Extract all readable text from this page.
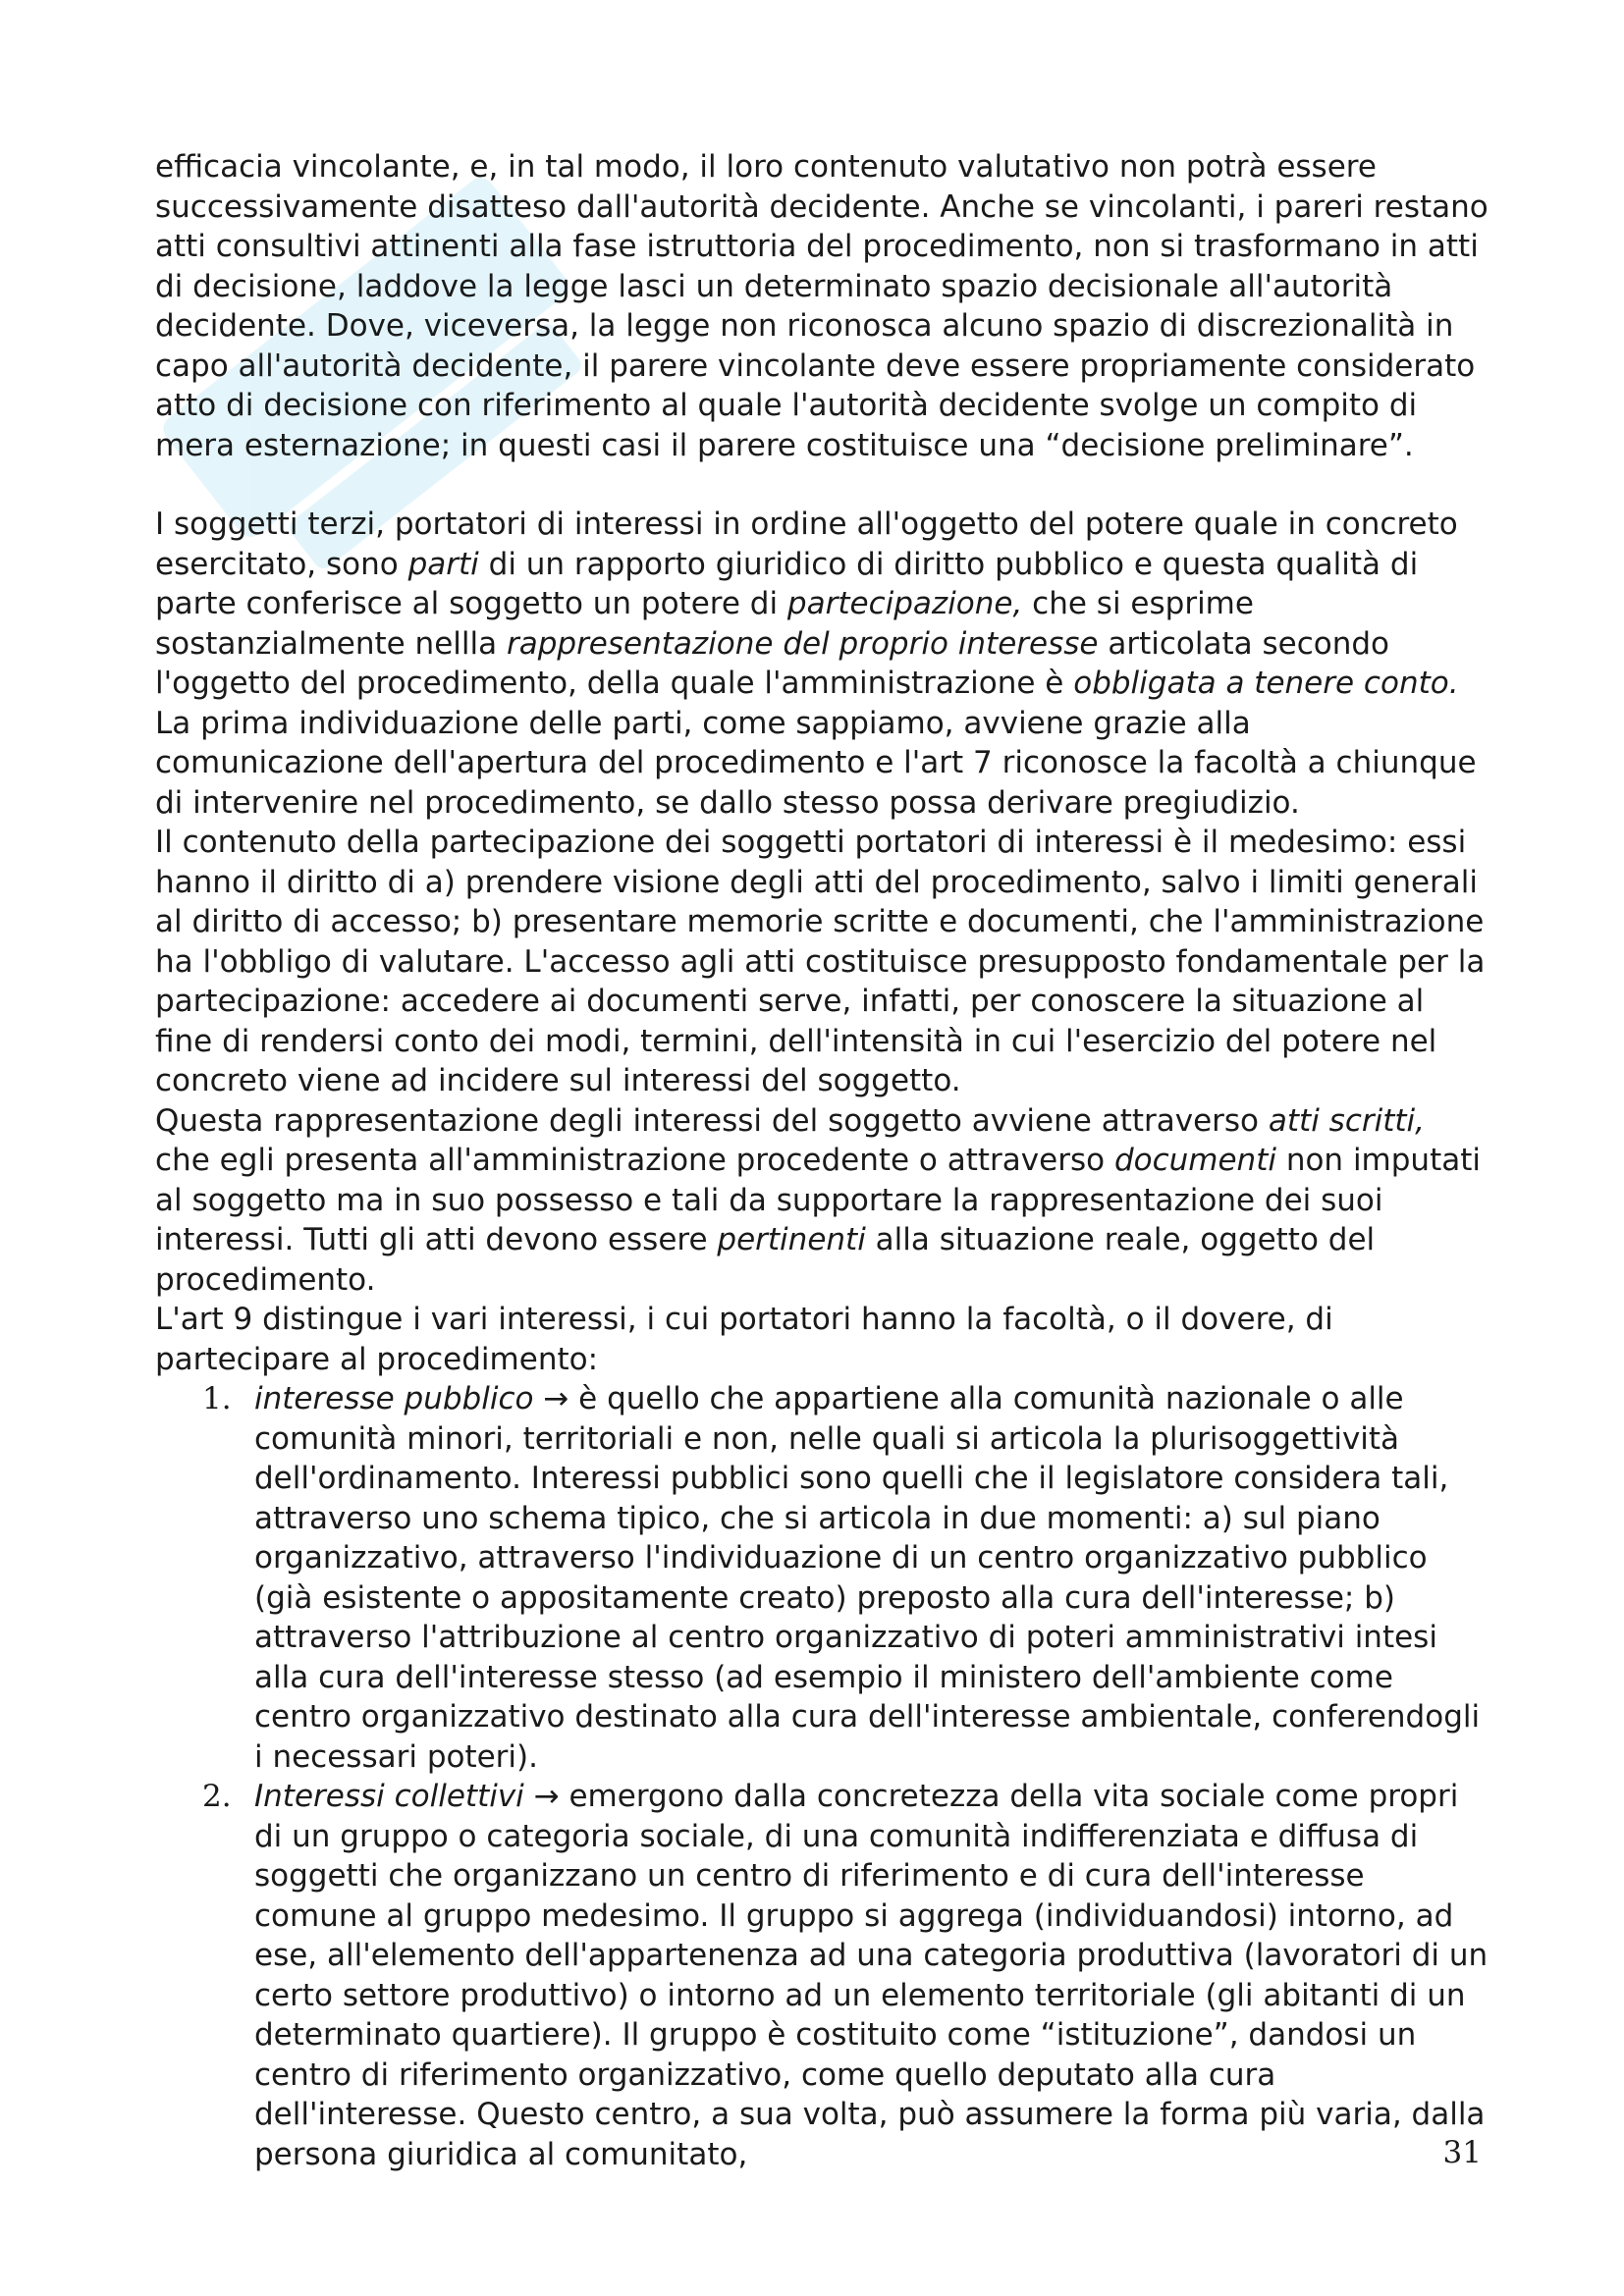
efficacia vincolante, e, in tal modo, il loro contenuto valutativo non potrà essere successivamente disatteso dall'autorità decidente. Anche se vincolanti, i pareri restano atti consultivi attinenti alla fase istruttoria del procedimento, non si trasformano in atti di decisione, laddove la legge lasci un determinato spazio decisionale all'autorità decidente. Dove, viceversa, la legge non riconosca alcuno spazio di discrezionalità in capo all'autorità decidente, il parere vincolante deve essere propriamente considerato atto di decisione con riferimento al quale l'autorità decidente svolge un compito di mera esternazione; in questi casi il parere costituisce una “decisione preliminare”.

I soggetti terzi, portatori di interessi in ordine all'oggetto del potere quale in concreto esercitato, sono parti di un rapporto giuridico di diritto pubblico e questa qualità di parte conferisce al soggetto un potere di partecipazione, che si esprime sostanzialmente nellla rappresentazione del proprio interesse articolata secondo l'oggetto del procedimento, della quale l'amministrazione è obbligata a tenere conto.

La prima individuazione delle parti, come sappiamo, avviene grazie alla comunicazione dell'apertura del procedimento e l'art 7 riconosce la facoltà a chiunque di intervenire nel procedimento, se dallo stesso possa derivare pregiudizio.

Il contenuto della partecipazione dei soggetti portatori di interessi è il medesimo: essi hanno il diritto di a) prendere visione degli atti del procedimento, salvo i limiti generali al diritto di accesso; b) presentare memorie scritte e documenti, che l'amministrazione ha l'obbligo di valutare. L'accesso agli atti costituisce presupposto fondamentale per la partecipazione: accedere ai documenti serve, infatti, per conoscere la situazione al fine di rendersi conto dei modi, termini, dell'intensità in cui l'esercizio del potere nel concreto viene ad incidere sul interessi del soggetto.

Questa rappresentazione degli interessi del soggetto avviene attraverso atti scritti, che egli presenta all'amministrazione procedente o attraverso documenti non imputati al soggetto ma in suo possesso e tali da supportare la rappresentazione dei suoi interessi. Tutti gli atti devono essere pertinenti alla situazione reale, oggetto del procedimento.

L'art 9 distingue i vari interessi, i cui portatori hanno la facoltà, o il dovere, di partecipare al procedimento:

1. interesse pubblico → è quello che appartiene alla comunità nazionale o alle comunità minori, territoriali e non, nelle quali si articola la plurisoggettività dell'ordinamento. Interessi pubblici sono quelli che il legislatore considera tali, attraverso uno schema tipico, che si articola in due momenti: a) sul piano organizzativo, attraverso l'individuazione di un centro organizzativo pubblico (già esistente o appositamente creato) preposto alla cura dell'interesse; b) attraverso l'attribuzione al centro organizzativo di poteri amministrativi intesi alla cura dell'interesse stesso (ad esempio il ministero dell'ambiente come centro organizzativo destinato alla cura dell'interesse ambientale, conferendogli i necessari poteri).
2. Interessi collettivi → emergono dalla concretezza della vita sociale come propri di un gruppo o categoria sociale, di una comunità indifferenziata e diffusa di soggetti che organizzano un centro di riferimento e di cura dell'interesse comune al gruppo medesimo. Il gruppo si aggrega (individuandosi) intorno, ad ese, all'elemento dell'appartenenza ad una categoria produttiva (lavoratori di un certo settore produttivo) o intorno ad un elemento territoriale (gli abitanti di un determinato quartiere). Il gruppo è costituito come “istituzione”, dandosi un centro di riferimento organizzativo, come quello deputato alla cura dell'interesse. Questo centro, a sua volta, può assumere la forma più varia, dalla persona giuridica al comunitato,	31
